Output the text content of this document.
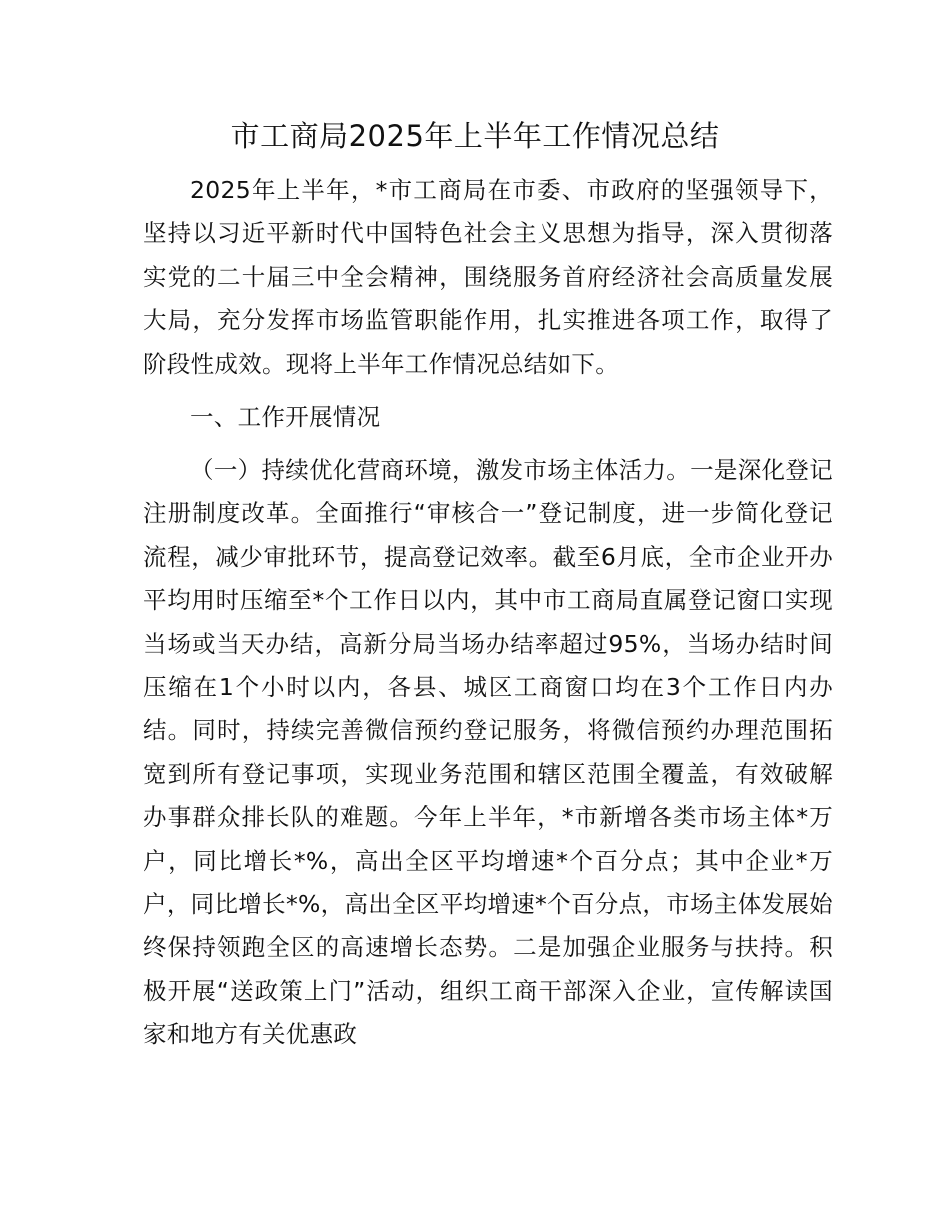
市工商局2025年上半年工作情况总结

2025年上半年，*市工商局在市委、市政府的坚强领导下，坚持以习近平新时代中国特色社会主义思想为指导，深入贯彻落实党的二十届三中全会精神，围绕服务首府经济社会高质量发展大局，充分发挥市场监管职能作用，扎实推进各项工作，取得了阶段性成效。现将上半年工作情况总结如下。

一、工作开展情况

（一）持续优化营商环境，激发市场主体活力。一是深化登记注册制度改革。全面推行“审核合一”登记制度，进一步简化登记流程，减少审批环节，提高登记效率。截至6月底，全市企业开办平均用时压缩至*个工作日以内，其中市工商局直属登记窗口实现当场或当天办结，高新分局当场办结率超过95%，当场办结时间压缩在1个小时以内，各县、城区工商窗口均在3个工作日内办结。同时，持续完善微信预约登记服务，将微信预约办理范围拓宽到所有登记事项，实现业务范围和辖区范围全覆盖，有效破解办事群众排长队的难题。今年上半年，*市新增各类市场主体*万户，同比增长*%，高出全区平均增速*个百分点；其中企业*万户，同比增长*%，高出全区平均增速*个百分点，市场主体发展始终保持领跑全区的高速增长态势。二是加强企业服务与扶持。积极开展“送政策上门”活动，组织工商干部深入企业，宣传解读国家和地方有关优惠政
